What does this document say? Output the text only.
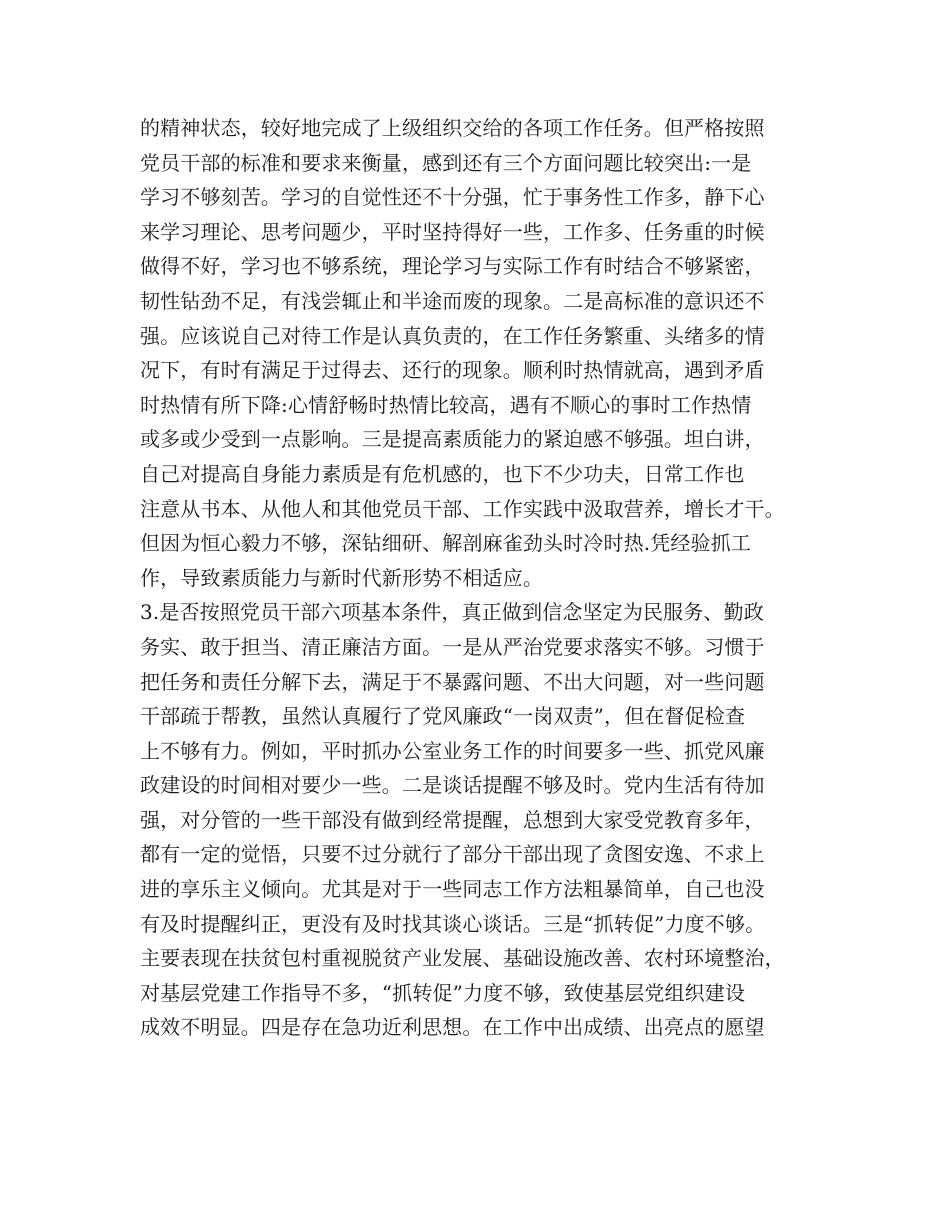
的精神状态，较好地完成了上级组织交给的各项工作任务。但严格按照
党员干部的标准和要求来衡量，感到还有三个方面问题比较突出:一是
学习不够刻苦。学习的自觉性还不十分强，忙于事务性工作多，静下心
来学习理论、思考问题少，平时坚持得好一些，工作多、任务重的时候
做得不好，学习也不够系统，理论学习与实际工作有时结合不够紧密，
韧性钻劲不足，有浅尝辄止和半途而废的现象。二是高标准的意识还不
强。应该说自己对待工作是认真负责的，在工作任务繁重、头绪多的情
况下，有时有满足于过得去、还行的现象。顺利时热情就高，遇到矛盾
时热情有所下降:心情舒畅时热情比较高，遇有不顺心的事时工作热情
或多或少受到一点影响。三是提高素质能力的紧迫感不够强。坦白讲，
自己对提高自身能力素质是有危机感的，也下不少功夫，日常工作也
注意从书本、从他人和其他党员干部、工作实践中汲取营养，增长才干。
但因为恒心毅力不够，深钻细研、解剖麻雀劲头时冷时热.凭经验抓工
作，导致素质能力与新时代新形势不相适应。
3.是否按照党员干部六项基本条件，真正做到信念坚定为民服务、勤政
务实、敢于担当、清正廉洁方面。一是从严治党要求落实不够。习惯于
把任务和责任分解下去，满足于不暴露问题、不出大问题，对一些问题
干部疏于帮教，虽然认真履行了党风廉政“一岗双责”，但在督促检查
上不够有力。例如，平时抓办公室业务工作的时间要多一些、抓党风廉
政建设的时间相对要少一些。二是谈话提醒不够及时。党内生活有待加
强，对分管的一些干部没有做到经常提醒，总想到大家受党教育多年，
都有一定的觉悟，只要不过分就行了部分干部出现了贪图安逸、不求上
进的享乐主义倾向。尤其是对于一些同志工作方法粗暴简单，自己也没
有及时提醒纠正，更没有及时找其谈心谈话。三是“抓转促”力度不够。
主要表现在扶贫包村重视脱贫产业发展、基础设施改善、农村环境整治，
对基层党建工作指导不多，“抓转促”力度不够，致使基层党组织建设
成效不明显。四是存在急功近利思想。在工作中出成绩、出亮点的愿望
